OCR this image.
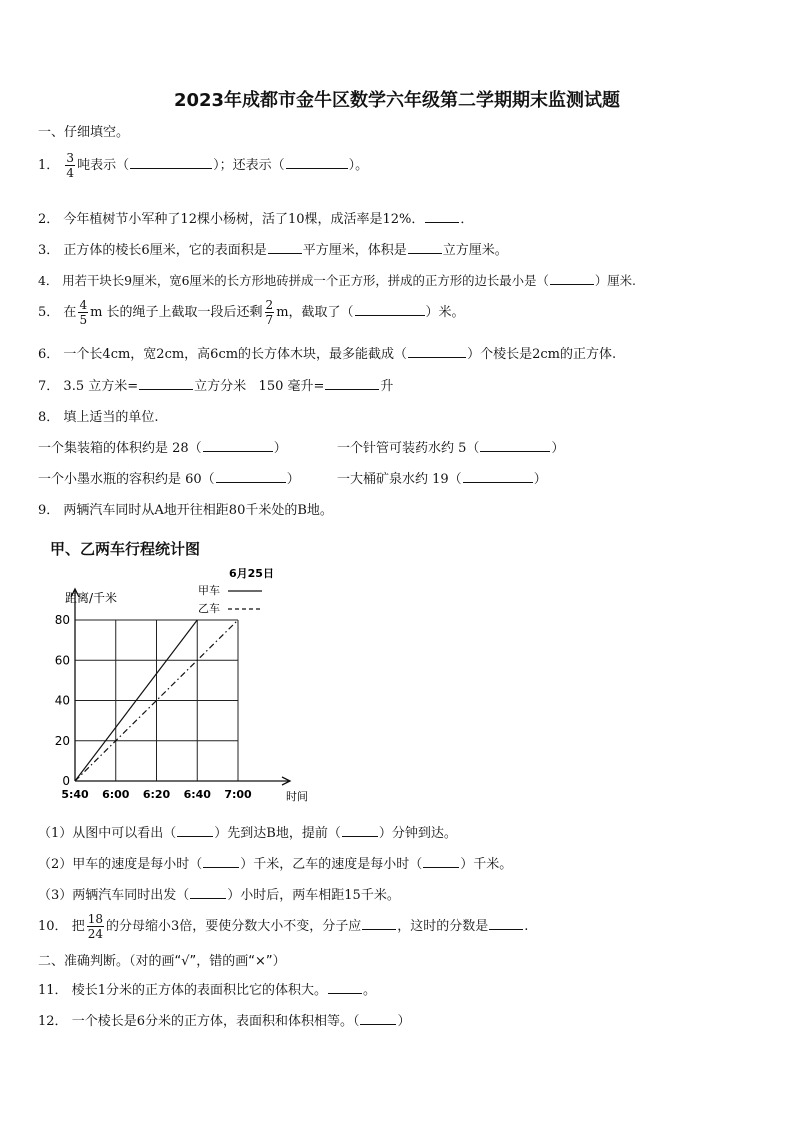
2023年成都市金牛区数学六年级第二学期期末监测试题
一、仔细填空。
1． $\frac{3}{4}$ 吨表示（	）；还表示（	）。
2． 今年植树节小军种了12棵小杨树，活了10棵，成活率是12%．	．
3． 正方体的棱长6厘米，它的表面积是	平方厘米，体积是	立方厘米。
4． 用若干块长9厘米，宽6厘米的长方形地砖拼成一个正方形，拼成的正方形的边长最小是（	）厘米.
5． 在 $\frac{4}{5}$ m 长的绳子上截取一段后还剩 $\frac{2}{7}$ m，截取了（	）米。
6． 一个长4cm，宽2cm，高6cm的长方体木块，最多能截成（	）个棱长是2cm的正方体.
7． 3.5 立方米=	立方分米 150 毫升=	升
8． 填上适当的单位.
一个集装箱的体积约是 28（	）	一个针管可装药水约 5（	）
一个小墨水瓶的容积约是 60（	）	一大桶矿泉水约 19（	）
9． 两辆汽车同时从A地开往相距80千米处的B地。
甲、乙两车行程统计图
6月25日
距离/千米
甲车
乙车
0
20
40
60
80
5:40 6:00 6:20 6:40 7:00	时间
（1）从图中可以看出（	）先到达B地，提前（	）分钟到达。
（2）甲车的速度是每小时（	）千米，乙车的速度是每小时（	）千米。
（3）两辆汽车同时出发（	）小时后，两车相距15千米。
10． 把 $\frac{18}{24}$ 的分母缩小3倍，要使分数大小不变，分子应	，这时的分数是	.
二、准确判断。（对的画“√”，错的画“×”）
11． 棱长1分米的正方体的表面积比它的体积大。	。
12． 一个棱长是6分米的正方体，表面积和体积相等。（	）
